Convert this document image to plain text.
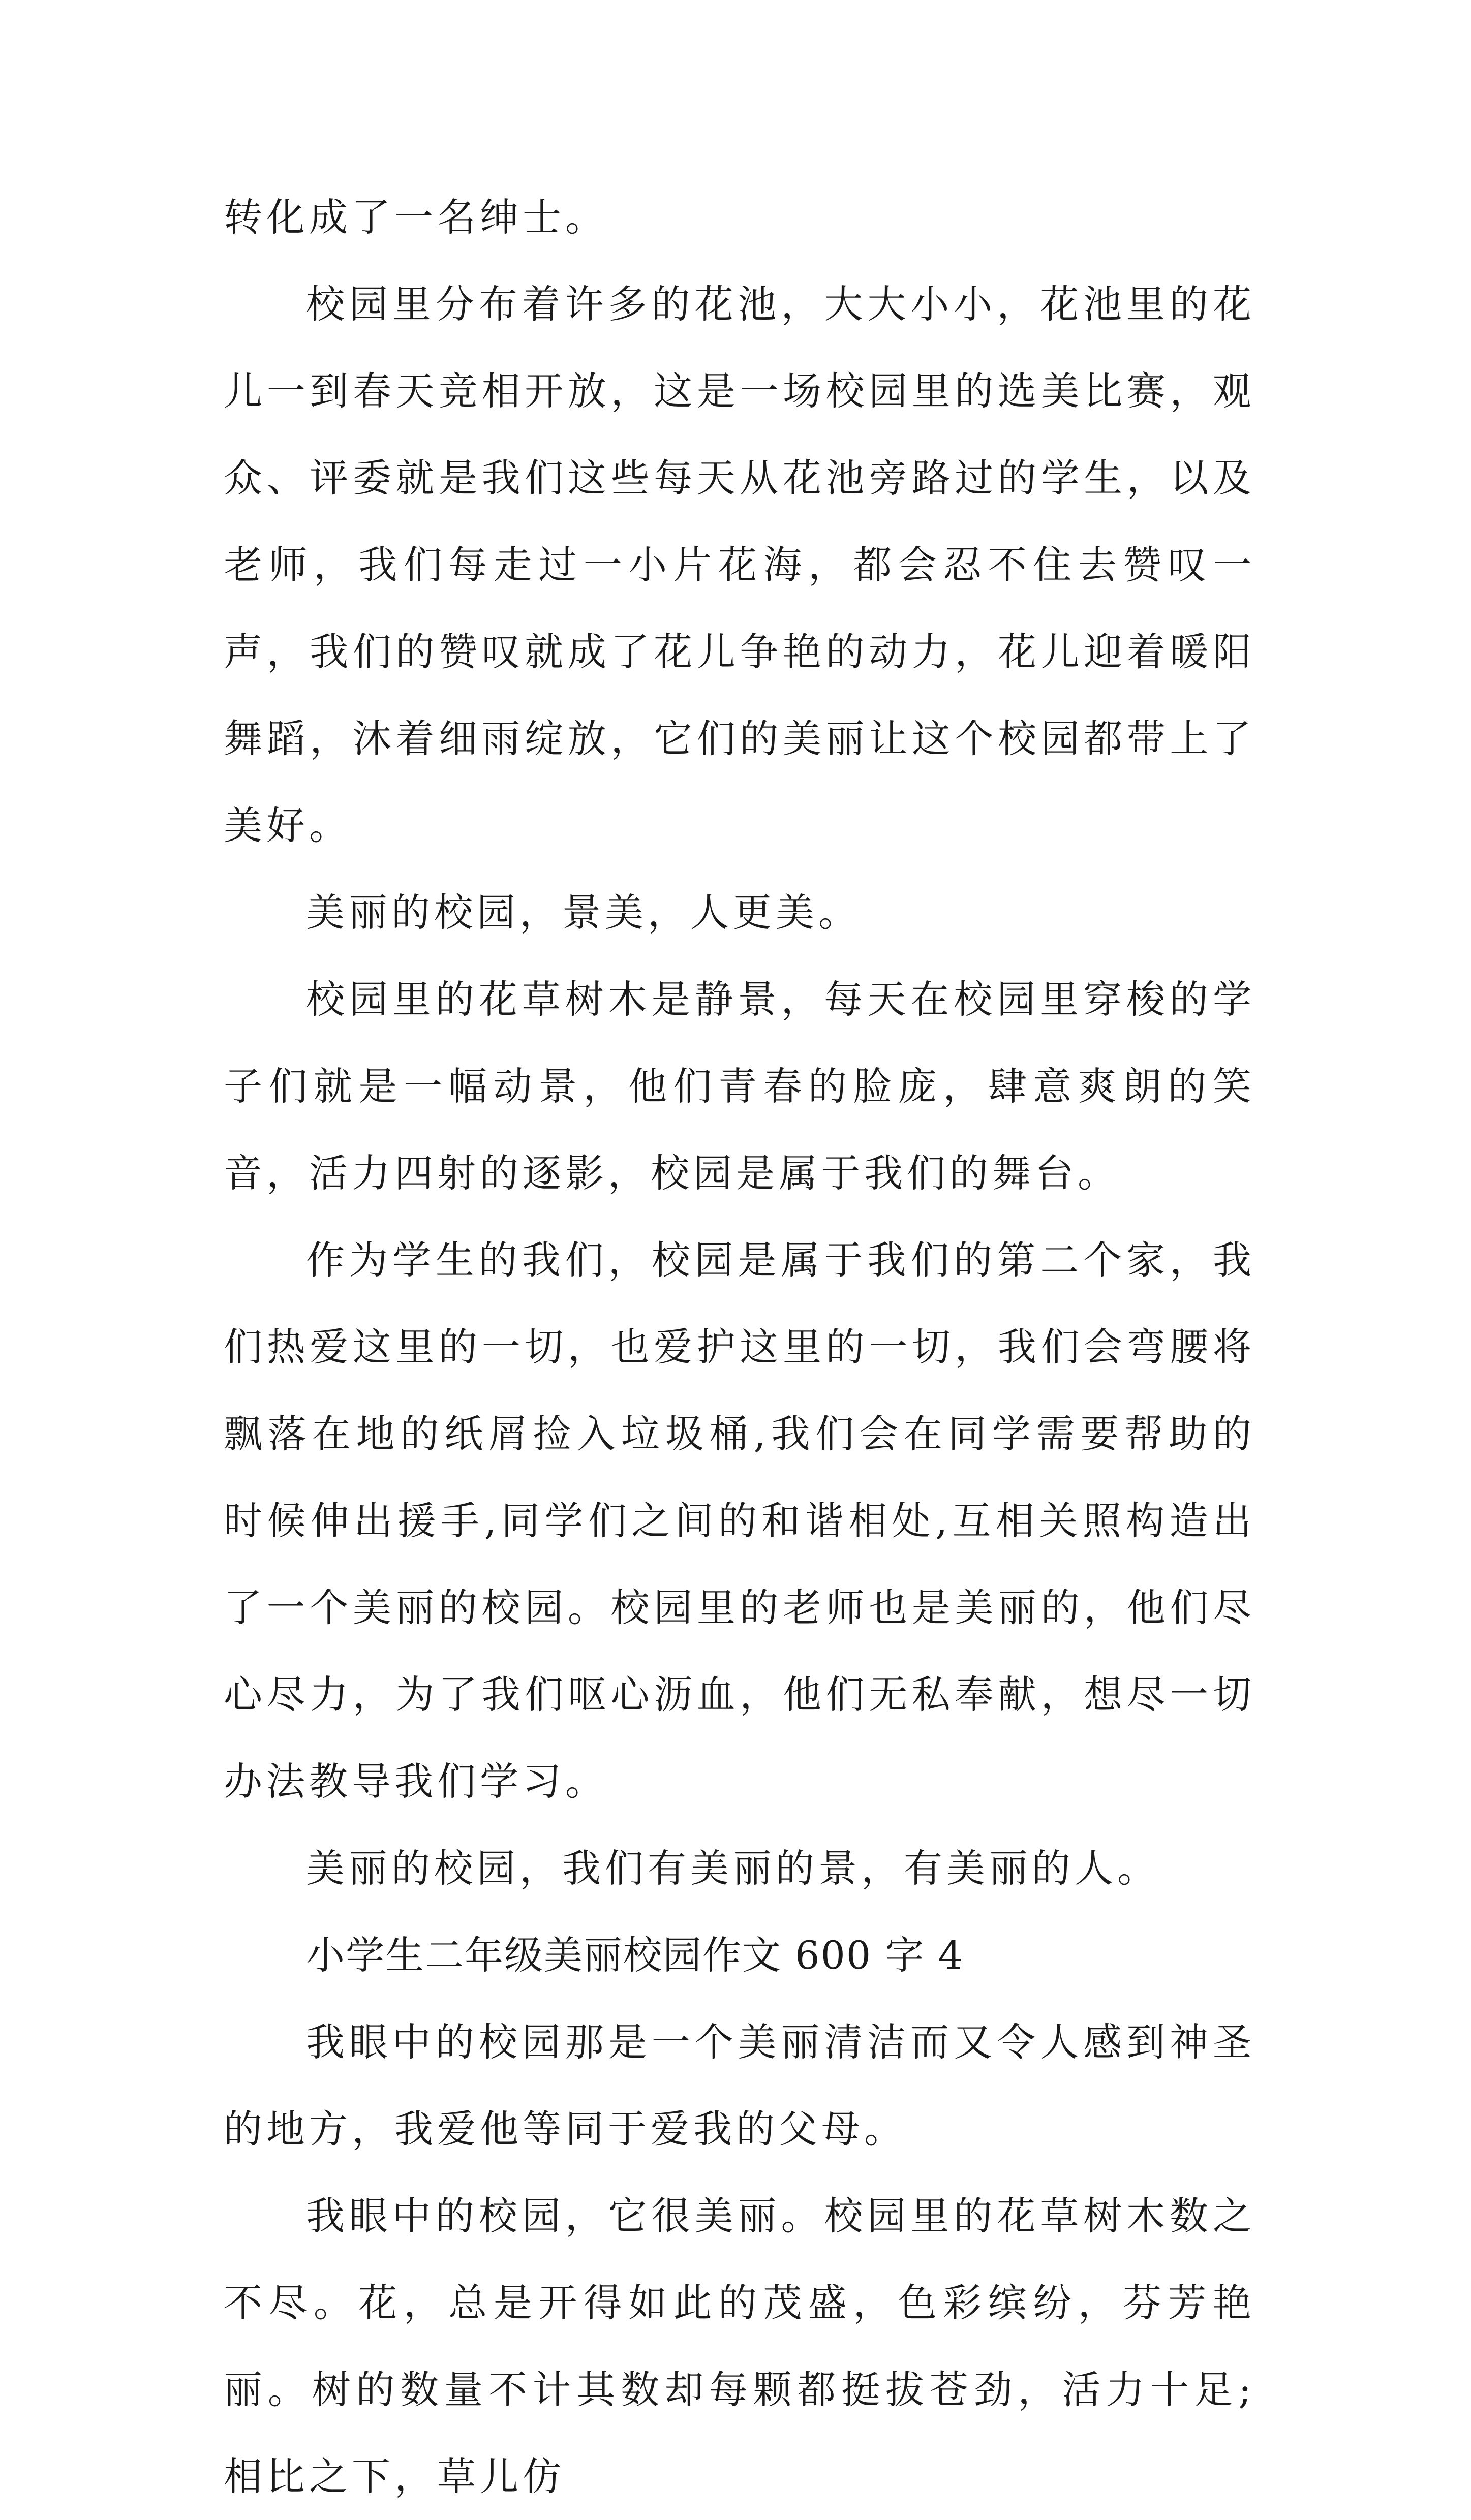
转化成了一名绅士。

校园里分布着许多的花池，大大小小，花池里的花儿一到春天竞相开放，这是一场校园里的选美比赛，观众、评委就是我们这些每天从花池旁路过的学生，以及老师，我们每走过一小片花海，都会忍不住去赞叹一声，我们的赞叹就成了花儿争艳的动力，花儿迎着暖阳舞蹈，沐着细雨绽放，它们的美丽让这个校园都带上了美好。

美丽的校园，景美，人更美。

校园里的花草树木是静景，每天在校园里穿梭的学子们就是一幅动景，他们青春的脸庞，肆意爽朗的笑音，活力四射的逐影，校园是属于我们的舞台。

作为学生的我们，校园是属于我们的第二个家，我们热爱这里的一切，也爱护这里的一切，我们会弯腰将飘落在地的纸屑捡入垃圾桶,我们会在同学需要帮助的时候伸出援手,同学们之间的和谐相处,互相关照构造出了一个美丽的校园。校园里的老师也是美丽的，他们尽心尽力，为了我们呕心沥血，他们无私奉献，想尽一切办法教导我们学习。

美丽的校园，我们有美丽的景，有美丽的人。

小学生二年级美丽校园作文 600 字 4

我眼中的校园那是一个美丽清洁而又令人感到神圣的地方，我爱他等同于爱我的父母。

我眼中的校园，它很美丽。校园里的花草树木数之不尽。花，总是开得如此的茂盛，色彩缤纷，芬芳艳丽。树的数量不计其数却每颗都挺拔苍劲，活力十足;相比之下，草儿仿
